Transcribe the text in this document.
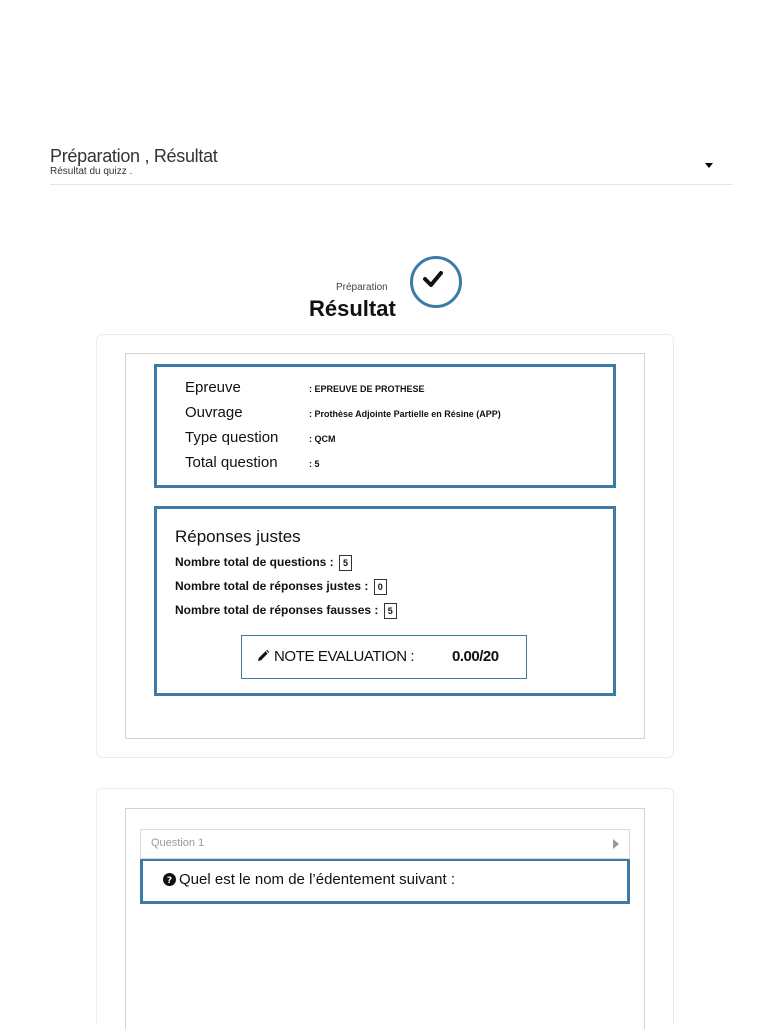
Préparation , Résultat
Résultat du quizz .
Préparation
Résultat
Epreuve	: EPREUVE DE PROTHESE
Ouvrage	: Prothèse Adjointe Partielle en Résine (APP)
Type question	: QCM
Total question	: 5
Réponses justes
Nombre total de questions : 5
Nombre total de réponses justes : 0
Nombre total de réponses fausses : 5
NOTE EVALUATION :	0.00/20
Question 1
? Quel est le nom de l’édentement suivant :
